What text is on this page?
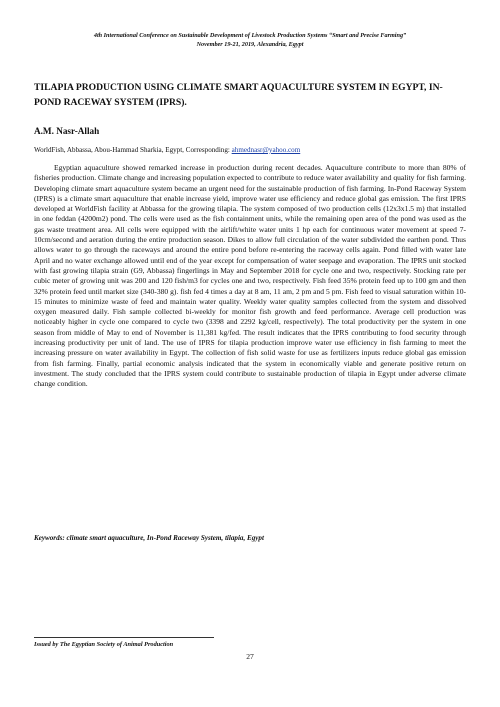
4th International Conference on Sustainable Development of Livestock Production Systems “Smart and Precise Farming”
November 19-21, 2019, Alexandria, Egypt
TILAPIA PRODUCTION USING CLIMATE SMART AQUACULTURE SYSTEM IN EGYPT, IN-POND RACEWAY SYSTEM (IPRS).
A.M. Nasr-Allah
WorldFish, Abbassa, Abou-Hammad Sharkia, Egypt, Corresponding: ahmednasr@yahoo.com

Egyptian aquaculture showed remarked increase in production during recent decades. Aquaculture contribute to more than 80% of fisheries production. Climate change and increasing population expected to contribute to reduce water availability and quality for fish farming. Developing climate smart aquaculture system became an urgent need for the sustainable production of fish farming. In-Pond Raceway System (IPRS) is a climate smart aquaculture that enable increase yield, improve water use efficiency and reduce global gas emission. The first IPRS developed at WorldFish facility at Abbassa for the growing tilapia. The system composed of two production cells (12x3x1.5 m) that installed in one feddan (4200m2) pond. The cells were used as the fish containment units, while the remaining open area of the pond was used as the gas waste treatment area. All cells were equipped with the airlift/white water units 1 hp each for continuous water movement at speed 7-10cm/second and aeration during the entire production season. Dikes to allow full circulation of the water subdivided the earthen pond. Thus allows water to go through the raceways and around the entire pond before re-entering the raceway cells again. Pond filled with water late April and no water exchange allowed until end of the year except for compensation of water seepage and evaporation. The IPRS unit stocked with fast growing tilapia strain (G9, Abbassa) fingerlings in May and September 2018 for cycle one and two, respectively. Stocking rate per cubic meter of growing unit was 200 and 120 fish/m3 for cycles one and two, respectively. Fish feed 35% protein feed up to 100 gm and then 32% protein feed until market size (340-380 g). fish fed 4 times a day at 8 am, 11 am, 2 pm and 5 pm. Fish feed to visual saturation within 10-15 minutes to minimize waste of feed and maintain water quality. Weekly water quality samples collected from the system and dissolved oxygen measured daily. Fish sample collected bi-weekly for monitor fish growth and feed performance. Average cell production was noticeably higher in cycle one compared to cycle two (3398 and 2292 kg/cell, respectively). The total productivity per the system in one season from middle of May to end of November is 11,381 kg/fed. The result indicates that the IPRS contributing to food security through increasing productivity per unit of land. The use of IPRS for tilapia production improve water use efficiency in fish farming to meet the increasing pressure on water availability in Egypt. The collection of fish solid waste for use as fertilizers inputs reduce global gas emission from fish farming. Finally, partial economic analysis indicated that the system in economically viable and generate positive return on investment. The study concluded that the IPRS system could contribute to sustainable production of tilapia in Egypt under adverse climate change condition.

Keywords: climate smart aquaculture, In-Pond Raceway System, tilapia, Egypt
Issued by The Egyptian Society of Animal Production
27
